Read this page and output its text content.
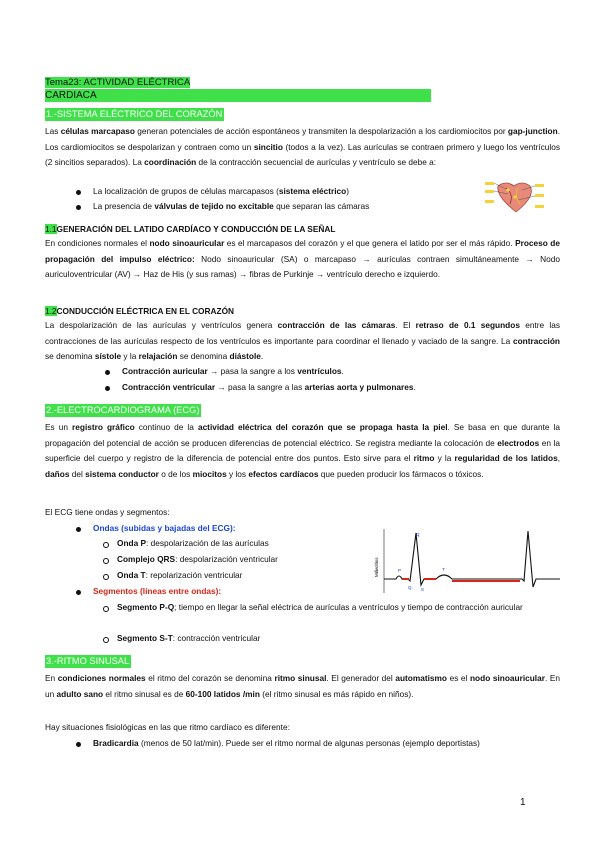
Tema23: ACTIVIDAD ELÉCTRICA
CARDIACA
1.-SISTEMA ELÉCTRICO DEL CORAZÓN

Las células marcapaso generan potenciales de acción espontáneos y transmiten la despolarización a los cardiomiocitos por gap-junction. Los cardiomiocitos se despolarizan y contraen como un sincitio (todos a la vez). Las aurículas se contraen primero y luego los ventrículos (2 sincitios separados). La coordinación de la contracción secuencial de aurículas y ventrículo se debe a:

La localización de grupos de células marcapasos (sistema eléctrico)
La presencia de válvulas de tejido no excitable que separan las cámaras
1.1GENERACIÓN DEL LATIDO CARDÍACO Y CONDUCCIÓN DE LA SEÑAL

En condiciones normales el nodo sinoauricular es el marcapasos del corazón y el que genera el latido por ser el más rápido. Proceso de propagación del impulso eléctrico: Nodo sinoauricular (SA) o marcapaso → aurículas contraen simultáneamente → Nodo auriculoventricular (AV) → Haz de His (y sus ramas) → fibras de Purkinje → ventrículo derecho e izquierdo.

1.2CONDUCCIÓN ELÉCTRICA EN EL CORAZÓN

La despolarización de las aurículas y ventrículos genera contracción de las cámaras. El retraso de 0.1 segundos entre las contracciones de las aurículas respecto de los ventrículos es importante para coordinar el llenado y vaciado de la sangre. La contracción se denomina sístole y la relajación se denomina diástole.

Contracción auricular → pasa la sangre a los ventrículos.
Contracción ventricular → pasa la sangre a las arterias aorta y pulmonares.
2.-ELECTROCARDIOGRAMA (ECG)

Es un registro gráfico continuo de la actividad eléctrica del corazón que se propaga hasta la piel. Se basa en que durante la propagación del potencial de acción se producen diferencias de potencial eléctrico. Se registra mediante la colocación de electrodos en la superficie del cuerpo y registro de la diferencia de potencial entre dos puntos. Esto sirve para el ritmo y la regularidad de los latidos, daños del sistema conductor o de los miocitos y los efectos cardíacos que pueden producir los fármacos o tóxicos.

El ECG tiene ondas y segmentos:
Ondas (subidas y bajadas del ECG):
Onda P: despolarización de las aurículas
Complejo QRS: despolarización ventricular
Onda T: repolarización ventricular
Segmentos (líneas entre ondas):

Segmento P-Q; tiempo en llegar la señal eléctrica de aurículas a ventrículos y tiempo de contracción auricular

Segmento S-T: contracción ventricular
Milivoltios
R
P
Q S
T
3.-RITMO SINUSAL

En condiciones normales el ritmo del corazón se denomina ritmo sinusal. El generador del automatismo es el nodo sinoauricular. En un adulto sano el ritmo sinusal es de 60-100 latidos /min (el ritmo sinusal es más rápido en niños).

Hay situaciones fisiológicas en las que ritmo cardíaco es diferente:

Bradicardia (menos de 50 lat/min). Puede ser el ritmo normal de algunas personas (ejemplo deportistas)

1
